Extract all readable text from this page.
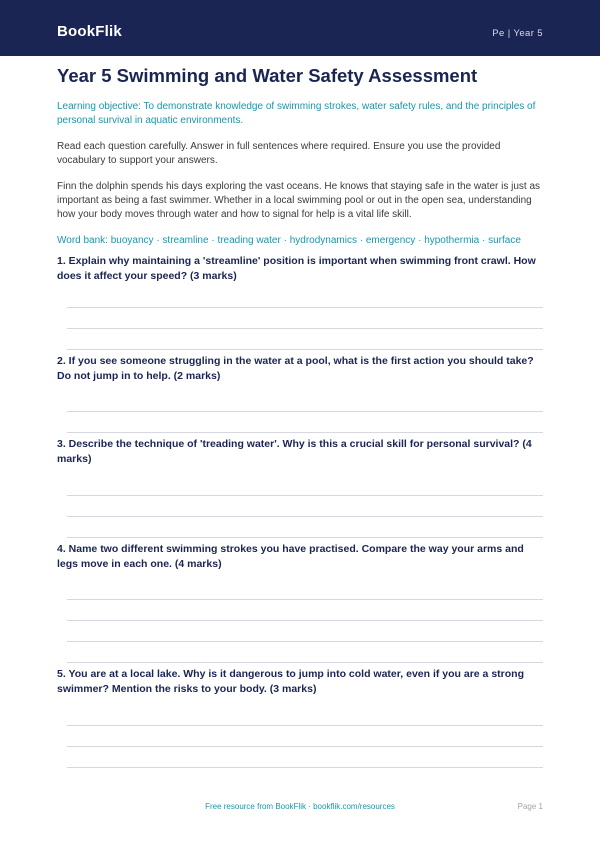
BookFlik	Pe | Year 5
Year 5 Swimming and Water Safety Assessment

Learning objective: To demonstrate knowledge of swimming strokes, water safety rules, and the principles of personal survival in aquatic environments.

Read each question carefully. Answer in full sentences where required. Ensure you use the provided vocabulary to support your answers.

Finn the dolphin spends his days exploring the vast oceans. He knows that staying safe in the water is just as important as being a fast swimmer. Whether in a local swimming pool or out in the open sea, understanding how your body moves through water and how to signal for help is a vital life skill.

Word bank: buoyancy · streamline · treading water · hydrodynamics · emergency · hypothermia · surface

1. Explain why maintaining a 'streamline' position is important when swimming front crawl. How does it affect your speed? (3 marks)

2. If you see someone struggling in the water at a pool, what is the first action you should take? Do not jump in to help. (2 marks)

3. Describe the technique of 'treading water'. Why is this a crucial skill for personal survival? (4 marks)

4. Name two different swimming strokes you have practised. Compare the way your arms and legs move in each one. (4 marks)

5. You are at a local lake. Why is it dangerous to jump into cold water, even if you are a strong swimmer? Mention the risks to your body. (3 marks)

Free resource from BookFlik · bookflik.com/resources	Page 1
